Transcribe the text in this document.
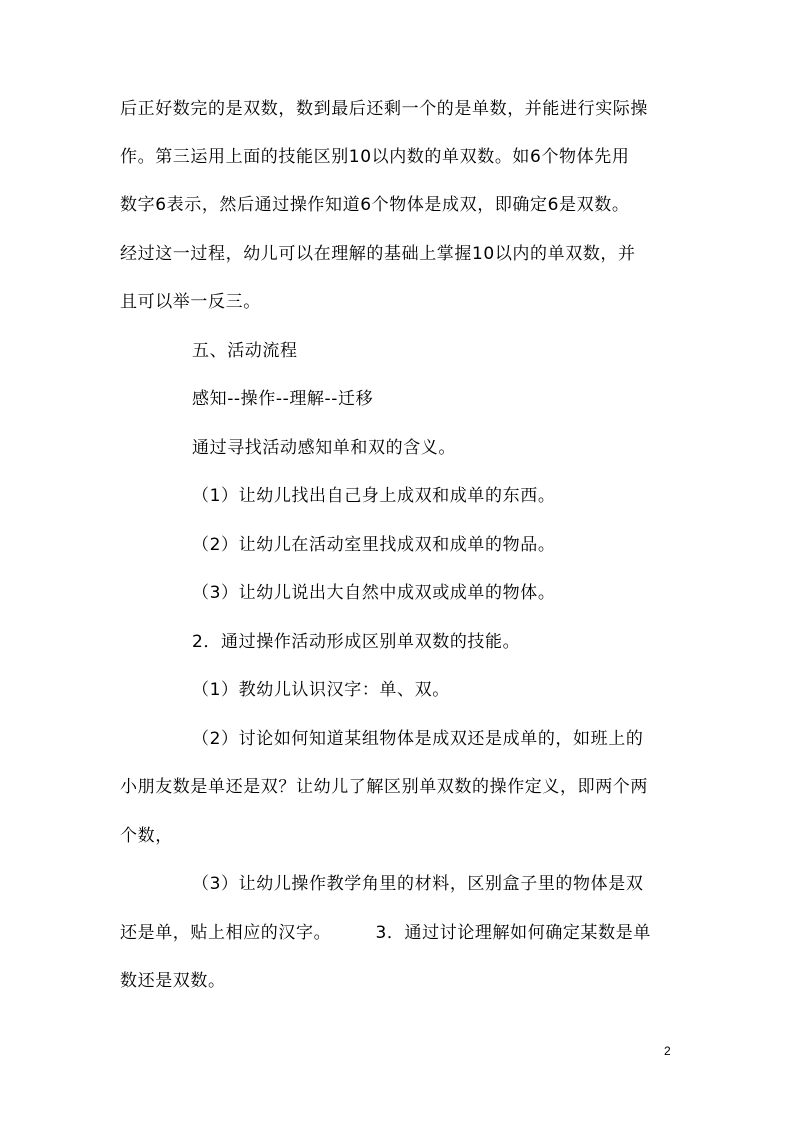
后正好数完的是双数，数到最后还剩一个的是单数，并能进行实际操
作。第三运用上面的技能区别10以内数的单双数。如6个物体先用
数字6表示，然后通过操作知道6个物体是成双，即确定6是双数。
经过这一过程，幼儿可以在理解的基础上掌握10以内的单双数，并
且可以举一反三。
五、活动流程
感知--操作--理解--迁移
通过寻找活动感知单和双的含义。
（1）让幼儿找出自己身上成双和成单的东西。
（2）让幼儿在活动室里找成双和成单的物品。
（3）让幼儿说出大自然中成双或成单的物体。
2．通过操作活动形成区别单双数的技能。
（1）教幼儿认识汉字：单、双。
（2）讨论如何知道某组物体是成双还是成单的，如班上的
小朋友数是单还是双？让幼儿了解区别单双数的操作定义，即两个两
个数，
（3）让幼儿操作教学角里的材料，区别盒子里的物体是双
还是单，贴上相应的汉字。　　　3．通过讨论理解如何确定某数是单
数还是双数。
2
